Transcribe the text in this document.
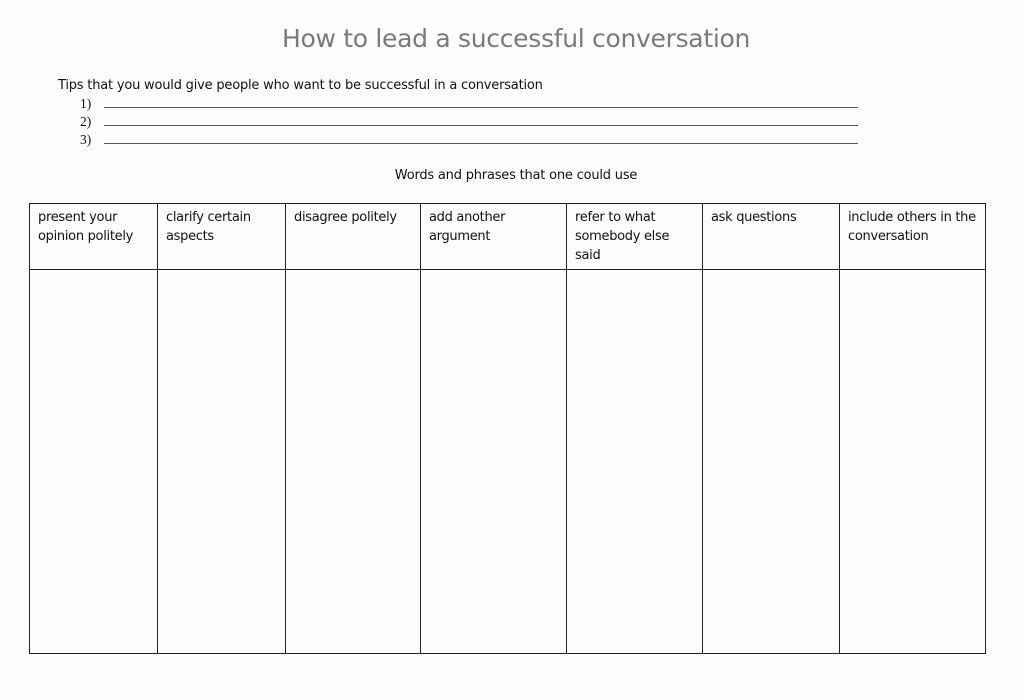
How to lead a successful conversation
Tips that you would give people who want to be successful in a conversation
1)
2)
3)
Words and phrases that one could use
present your opinion politely	clarify certain aspects	disagree politely	add another argument	refer to what somebody else said	ask questions	include others in the conversation
